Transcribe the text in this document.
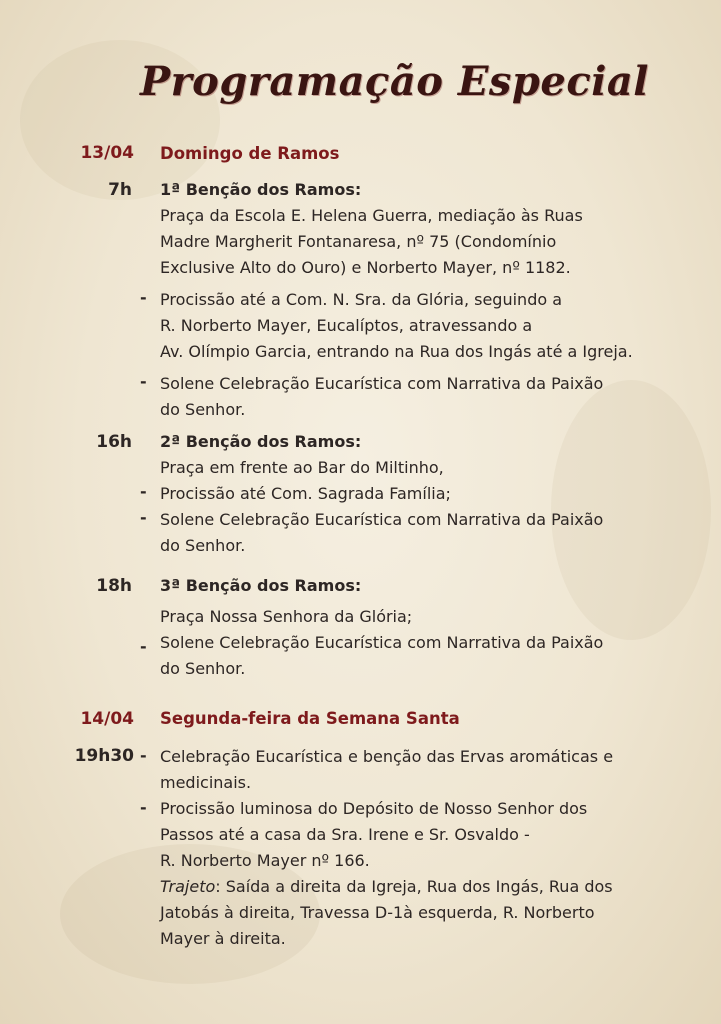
Programação Especial
13/04 Domingo de Ramos
7h 1ª Benção dos Ramos:
Praça da Escola E. Helena Guerra, mediação às Ruas
Madre Margherit Fontanaresa, nº 75 (Condomínio
Exclusive Alto do Ouro) e Norberto Mayer, nº 1182.
- Procissão até a Com. N. Sra. da Glória, seguindo a
R. Norberto Mayer, Eucalíptos, atravessando a
Av. Olímpio Garcia, entrando na Rua dos Ingás até a Igreja.
- Solene Celebração Eucarística com Narrativa da Paixão
do Senhor.
16h 2ª Benção dos Ramos:
Praça em frente ao Bar do Miltinho,
Procissão até Com. Sagrada Família;
Solene Celebração Eucarística com Narrativa da Paixão
do Senhor.
-
-
18h 3ª Benção dos Ramos:
Praça Nossa Senhora da Glória;
Solene Celebração Eucarística com Narrativa da Paixão
do Senhor.
-
14/04 Segunda-feira da Semana Santa
19h30 - Celebração Eucarística e benção das Ervas aromáticas e
medicinais.
Procissão luminosa do Depósito de Nosso Senhor dos
Passos até a casa da Sra. Irene e Sr. Osvaldo -
R. Norberto Mayer nº 166.
Trajeto: Saída a direita da Igreja, Rua dos Ingás, Rua dos
Jatobás à direita, Travessa D-1à esquerda, R. Norberto
Mayer à direita.
-
